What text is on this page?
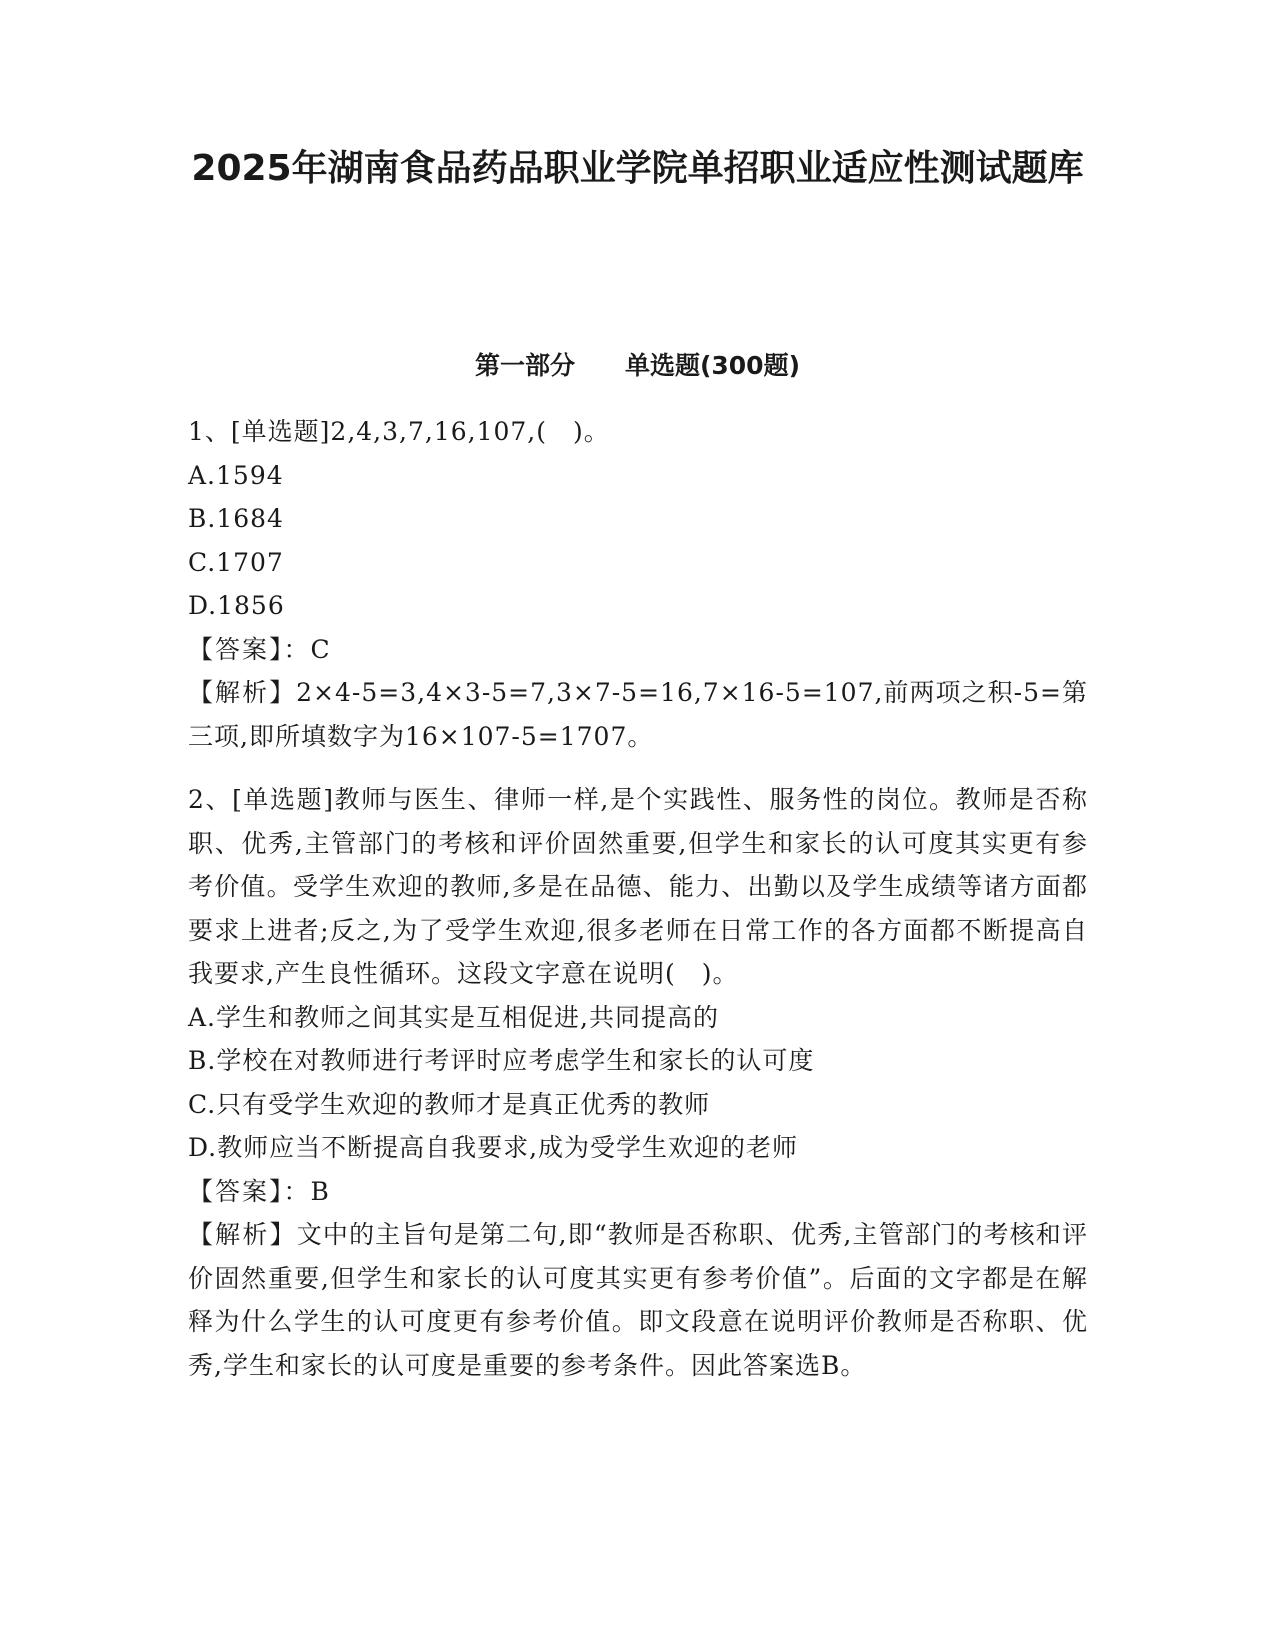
2025年湖南食品药品职业学院单招职业适应性测试题库
第一部分　　单选题(300题)

1、[单选题]2,4,3,7,16,107,(　)。

A.1594

B.1684

C.1707

D.1856

【答案】：C

【解析】2×4-5=3,4×3-5=7,3×7-5=16,7×16-5=107,前两项之积-5=第三项,即所填数字为16×107-5=1707。

2、[单选题]教师与医生、律师一样,是个实践性、服务性的岗位。教师是否称职、优秀,主管部门的考核和评价固然重要,但学生和家长的认可度其实更有参考价值。受学生欢迎的教师,多是在品德、能力、出勤以及学生成绩等诸方面都要求上进者;反之,为了受学生欢迎,很多老师在日常工作的各方面都不断提高自我要求,产生良性循环。这段文字意在说明(　)。

A.学生和教师之间其实是互相促进,共同提高的

B.学校在对教师进行考评时应考虑学生和家长的认可度

C.只有受学生欢迎的教师才是真正优秀的教师

D.教师应当不断提高自我要求,成为受学生欢迎的老师

【答案】：B

【解析】文中的主旨句是第二句,即“教师是否称职、优秀,主管部门的考核和评价固然重要,但学生和家长的认可度其实更有参考价值”。后面的文字都是在解释为什么学生的认可度更有参考价值。即文段意在说明评价教师是否称职、优秀,学生和家长的认可度是重要的参考条件。因此答案选B。
